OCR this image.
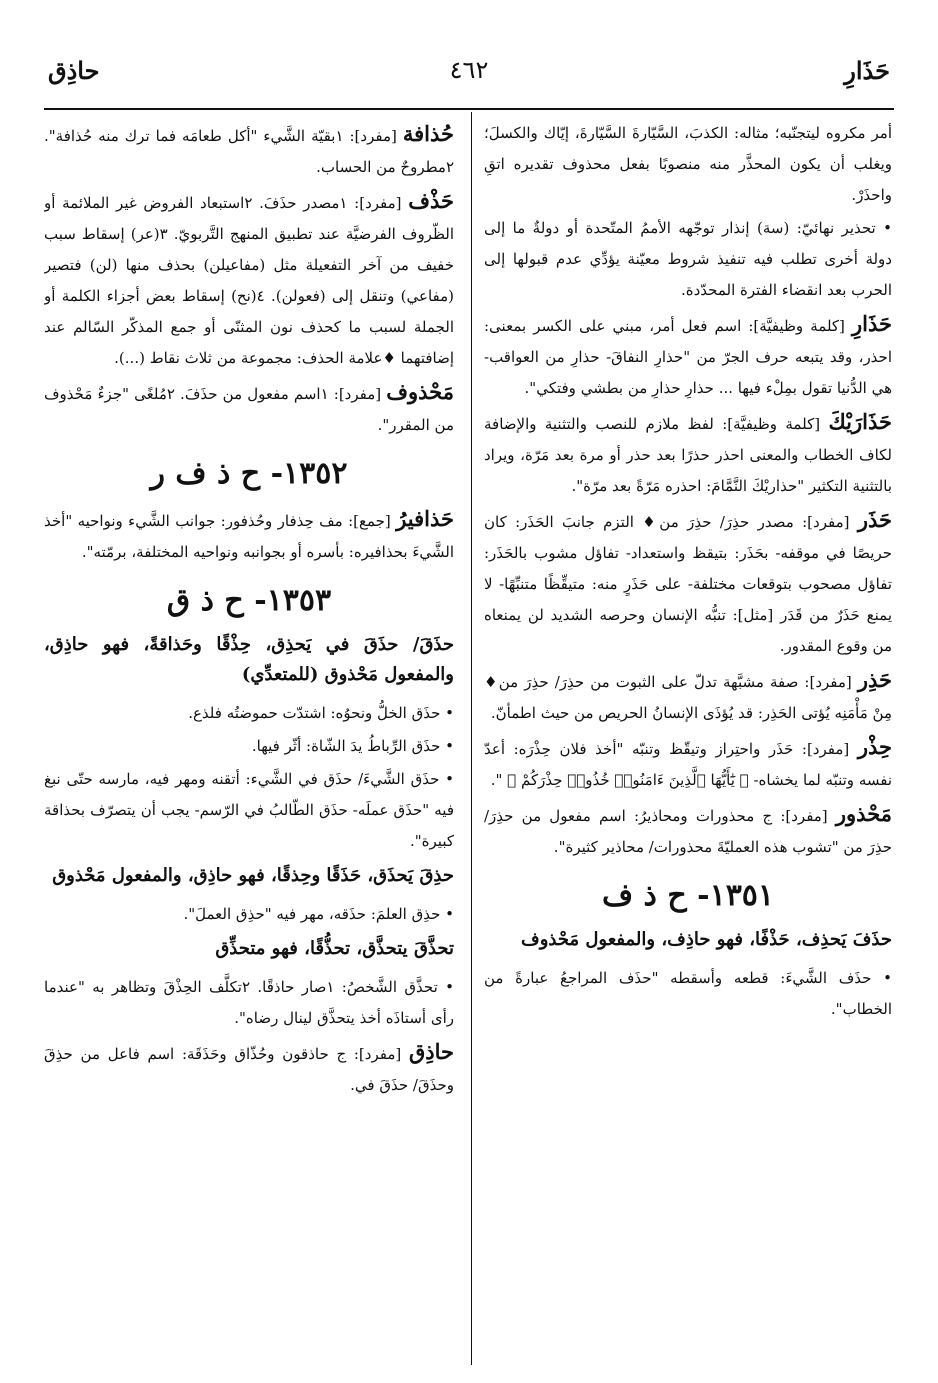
حَذَارِ
٤٦٢
حاذِق
أمر مكروه ليتجنّبه؛ مثاله: الكذبَ، السَّيّارةَ السَّيّارةَ، إيّاك والكسلَ؛ ويغلب أن يكون المحذَّر منه منصوبًا بفعل محذوف تقديره اتقِ واحذَرْ.
• تحذير نهائيّ: (سة) إنذار توجّهه الأممُ المتّحدة أو دولةٌ ما إلى دولة أخرى تطلب فيه تنفيذ شروط معيّنة يؤدِّي عدم قبولها إلى الحرب بعد انقضاء الفترة المحدّدة.
حَذَارِ [كلمة وظيفيَّة]: اسم فعل أمر، مبني على الكسر بمعنى: احذر، وقد يتبعه حرف الجرّ من "حذارِ النفاقَ- حذارِ من العواقب- هي الدُّنيا تقول بمِلْء فيها ... حذارِ حذارِ من بطشي وفتكي".
حَذَارَيْكَ [كلمة وظيفيَّة]: لفظ ملازم للنصب والتثنية والإضافة لكاف الخطاب والمعنى احذر حذرًا بعد حذر أو مرة بعد مَرّة، ويراد بالتثنية التكثير "حذاريْكَ النَّمَّامَ: احذره مَرّةً بعد مرّة".
حَذَر [مفرد]: مصدر حذِرَ/ حذِرَ من♦ التزم جانبَ الحَذَر: كان حريصًا في موقفه- بحَذَر: بتيقظ واستعداد- تفاؤل مشوب بالحَذَر: تفاؤل مصحوب بتوقعات مختلفة- على حَذَرٍ منه: متيقِّظًا متنبِّهًا- لا يمنع حَذَرٌ من قَدَر [مثل]: تنبُّه الإنسان وحرصه الشديد لن يمنعاه من وقوع المقدور.
حَذِر [مفرد]: صفة مشبَّهة تدلّ على الثبوت من حذِرَ/ حذِرَ من♦ مِنْ مَأْمَنِه يُؤتى الحَذِر: قد يُؤذَى الإنسانُ الحريص من حيث اطمأنّ.
حِذْر [مفرد]: حَذَر واحتِراز وتيقّظ وتنبّه "أخذ فلان حِذْرَه: أعدّ نفسه وتنبّه لما يخشاه- ﴿ يَٰٓأَيُّهَا ٱلَّذِينَ ءَامَنُوا۟ خُذُوا۟ حِذْرَكُمْ ﴾ ".
مَحْذور [مفرد]: ج محذورات ومحاذيرُ: اسم مفعول من حذِرَ/ حذِرَ من "تشوب هذه العمليّةَ محذورات/ محاذير كثيرة".
١٣٥١- ح ذ ف
حذَفَ يَحذِف، حَذْفًا، فهو حاذِف، والمفعول مَحْذوف
• حذَف الشَّيءَ: قطعه وأسقطه "حذَف المراجعُ عبارةً من الخطاب".
حُذافة [مفرد]: ١بقيّة الشَّيء "أكل طعامَه فما ترك منه حُذافة". ٢مطروحٌ من الحساب.
حَذْف [مفرد]: ١مصدر حذَفَ. ٢استبعاد الفروض غير الملائمة أو الظّروف الفرضيَّة عند تطبيق المنهج التَّربويّ. ٣(عر) إسقاط سبب خفيف من آخر التفعيلة مثل (مفاعيلن) بحذف منها (لن) فتصير (مفاعي) وتنقل إلى (فعولن). ٤(نح) إسقاط بعض أجزاء الكلمة أو الجملة لسبب ما كحذف نون المثنّى أو جمع المذكّر السّالم عند إضافتهما ♦علامة الحذف: مجموعة من ثلاث نقاط (...).
مَحْذوف [مفرد]: ١اسم مفعول من حذَفَ. ٢مُلغًى "جزءٌ مَحْذوف من المقرر".
١٣٥٢- ح ذ ف ر
حَذافيرُ [جمع]: مف حِذفار وحُذفور: جوانب الشَّيء ونواحيه "أخذ الشَّيءَ بحذافيره: بأسره أو بجوانبه ونواحيه المختلفة، برمّته".
١٣٥٣- ح ذ ق
حذَقَ/ حذَقَ في يَحذِق، حِذْقًا وحَذاقةً، فهو حاذِق، والمفعول مَحْذوق (للمتعدِّي)
• حذَق الخلُّ ونحوُه: اشتدّت حموضتُه فلذع.
• حذَق الرِّباطُ يدَ الشّاة: أثّر فيها.
• حذَق الشَّيءَ/ حذَق في الشَّيء: أتقنه ومهر فيه، مارسه حتّى نبغ فيه "حذَق عملَه- حذَق الطّالبُ في الرّسم- يجب أن يتصرّف بحذاقة كبيرة".
حذِقَ يَحذَق، حَذَقًا وحِذقًا، فهو حاذِق، والمفعول مَحْذوق
• حذِق العلمَ: حذَقه، مهر فيه "حذِق العملَ".
تحذَّقَ يتحذَّق، تحذُّقًا، فهو متحذِّق
• تحذَّق الشَّخصُ: ١صار حاذقًا. ٢تكلَّف الحِذْقَ وتظاهر به "عندما رأى أستاذَه أخذ يتحذَّق لينال رضاه".
حاذِق [مفرد]: ج حاذقون وحُذّاق وحَذَقَة: اسم فاعل من حذِقَ وحذَقَ/ حذَقَ في.
